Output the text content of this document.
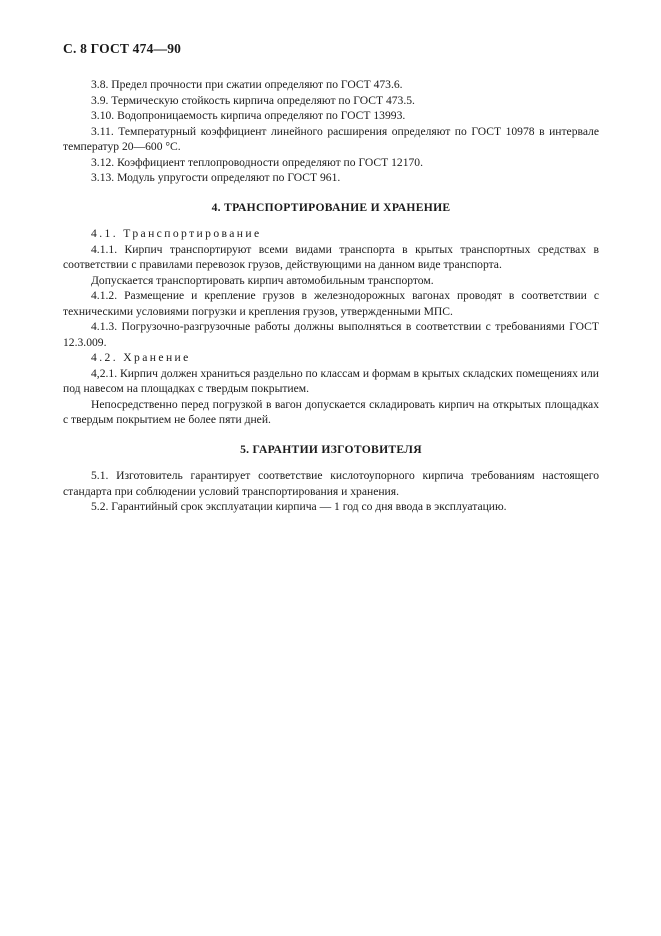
С. 8 ГОСТ 474—90

3.8. Предел прочности при сжатии определяют по ГОСТ 473.6.

3.9. Термическую стойкость кирпича определяют по ГОСТ 473.5.

3.10. Водопроницаемость кирпича определяют по ГОСТ 13993.

3.11. Температурный коэффициент линейного расширения определяют по ГОСТ 10978 в интервале температур 20—600 °С.

3.12. Коэффициент теплопроводности определяют по ГОСТ 12170.

3.13. Модуль упругости определяют по ГОСТ 961.

4. ТРАНСПОРТИРОВАНИЕ И ХРАНЕНИЕ

4.1. Транспортирование

4.1.1. Кирпич транспортируют всеми видами транспорта в крытых транспортных средствах в соответствии с правилами перевозок грузов, действующими на данном виде транспорта.

Допускается транспортировать кирпич автомобильным транспортом.

4.1.2. Размещение и крепление грузов в железнодорожных вагонах проводят в соответствии с техническими условиями погрузки и крепления грузов, утвержденными МПС.

4.1.3. Погрузочно-разгрузочные работы должны выполняться в соответствии с требованиями ГОСТ 12.3.009.

4.2. Хранение

4,2.1. Кирпич должен храниться раздельно по классам и формам в крытых складских помещениях или под навесом на площадках с твердым покрытием.

Непосредственно перед погрузкой в вагон допускается складировать кирпич на открытых площадках с твердым покрытием не более пяти дней.

5. ГАРАНТИИ ИЗГОТОВИТЕЛЯ

5.1. Изготовитель гарантирует соответствие кислотоупорного кирпича требованиям настоящего стандарта при соблюдении условий транспортирования и хранения.

5.2. Гарантийный срок эксплуатации кирпича — 1 год со дня ввода в эксплуатацию.
